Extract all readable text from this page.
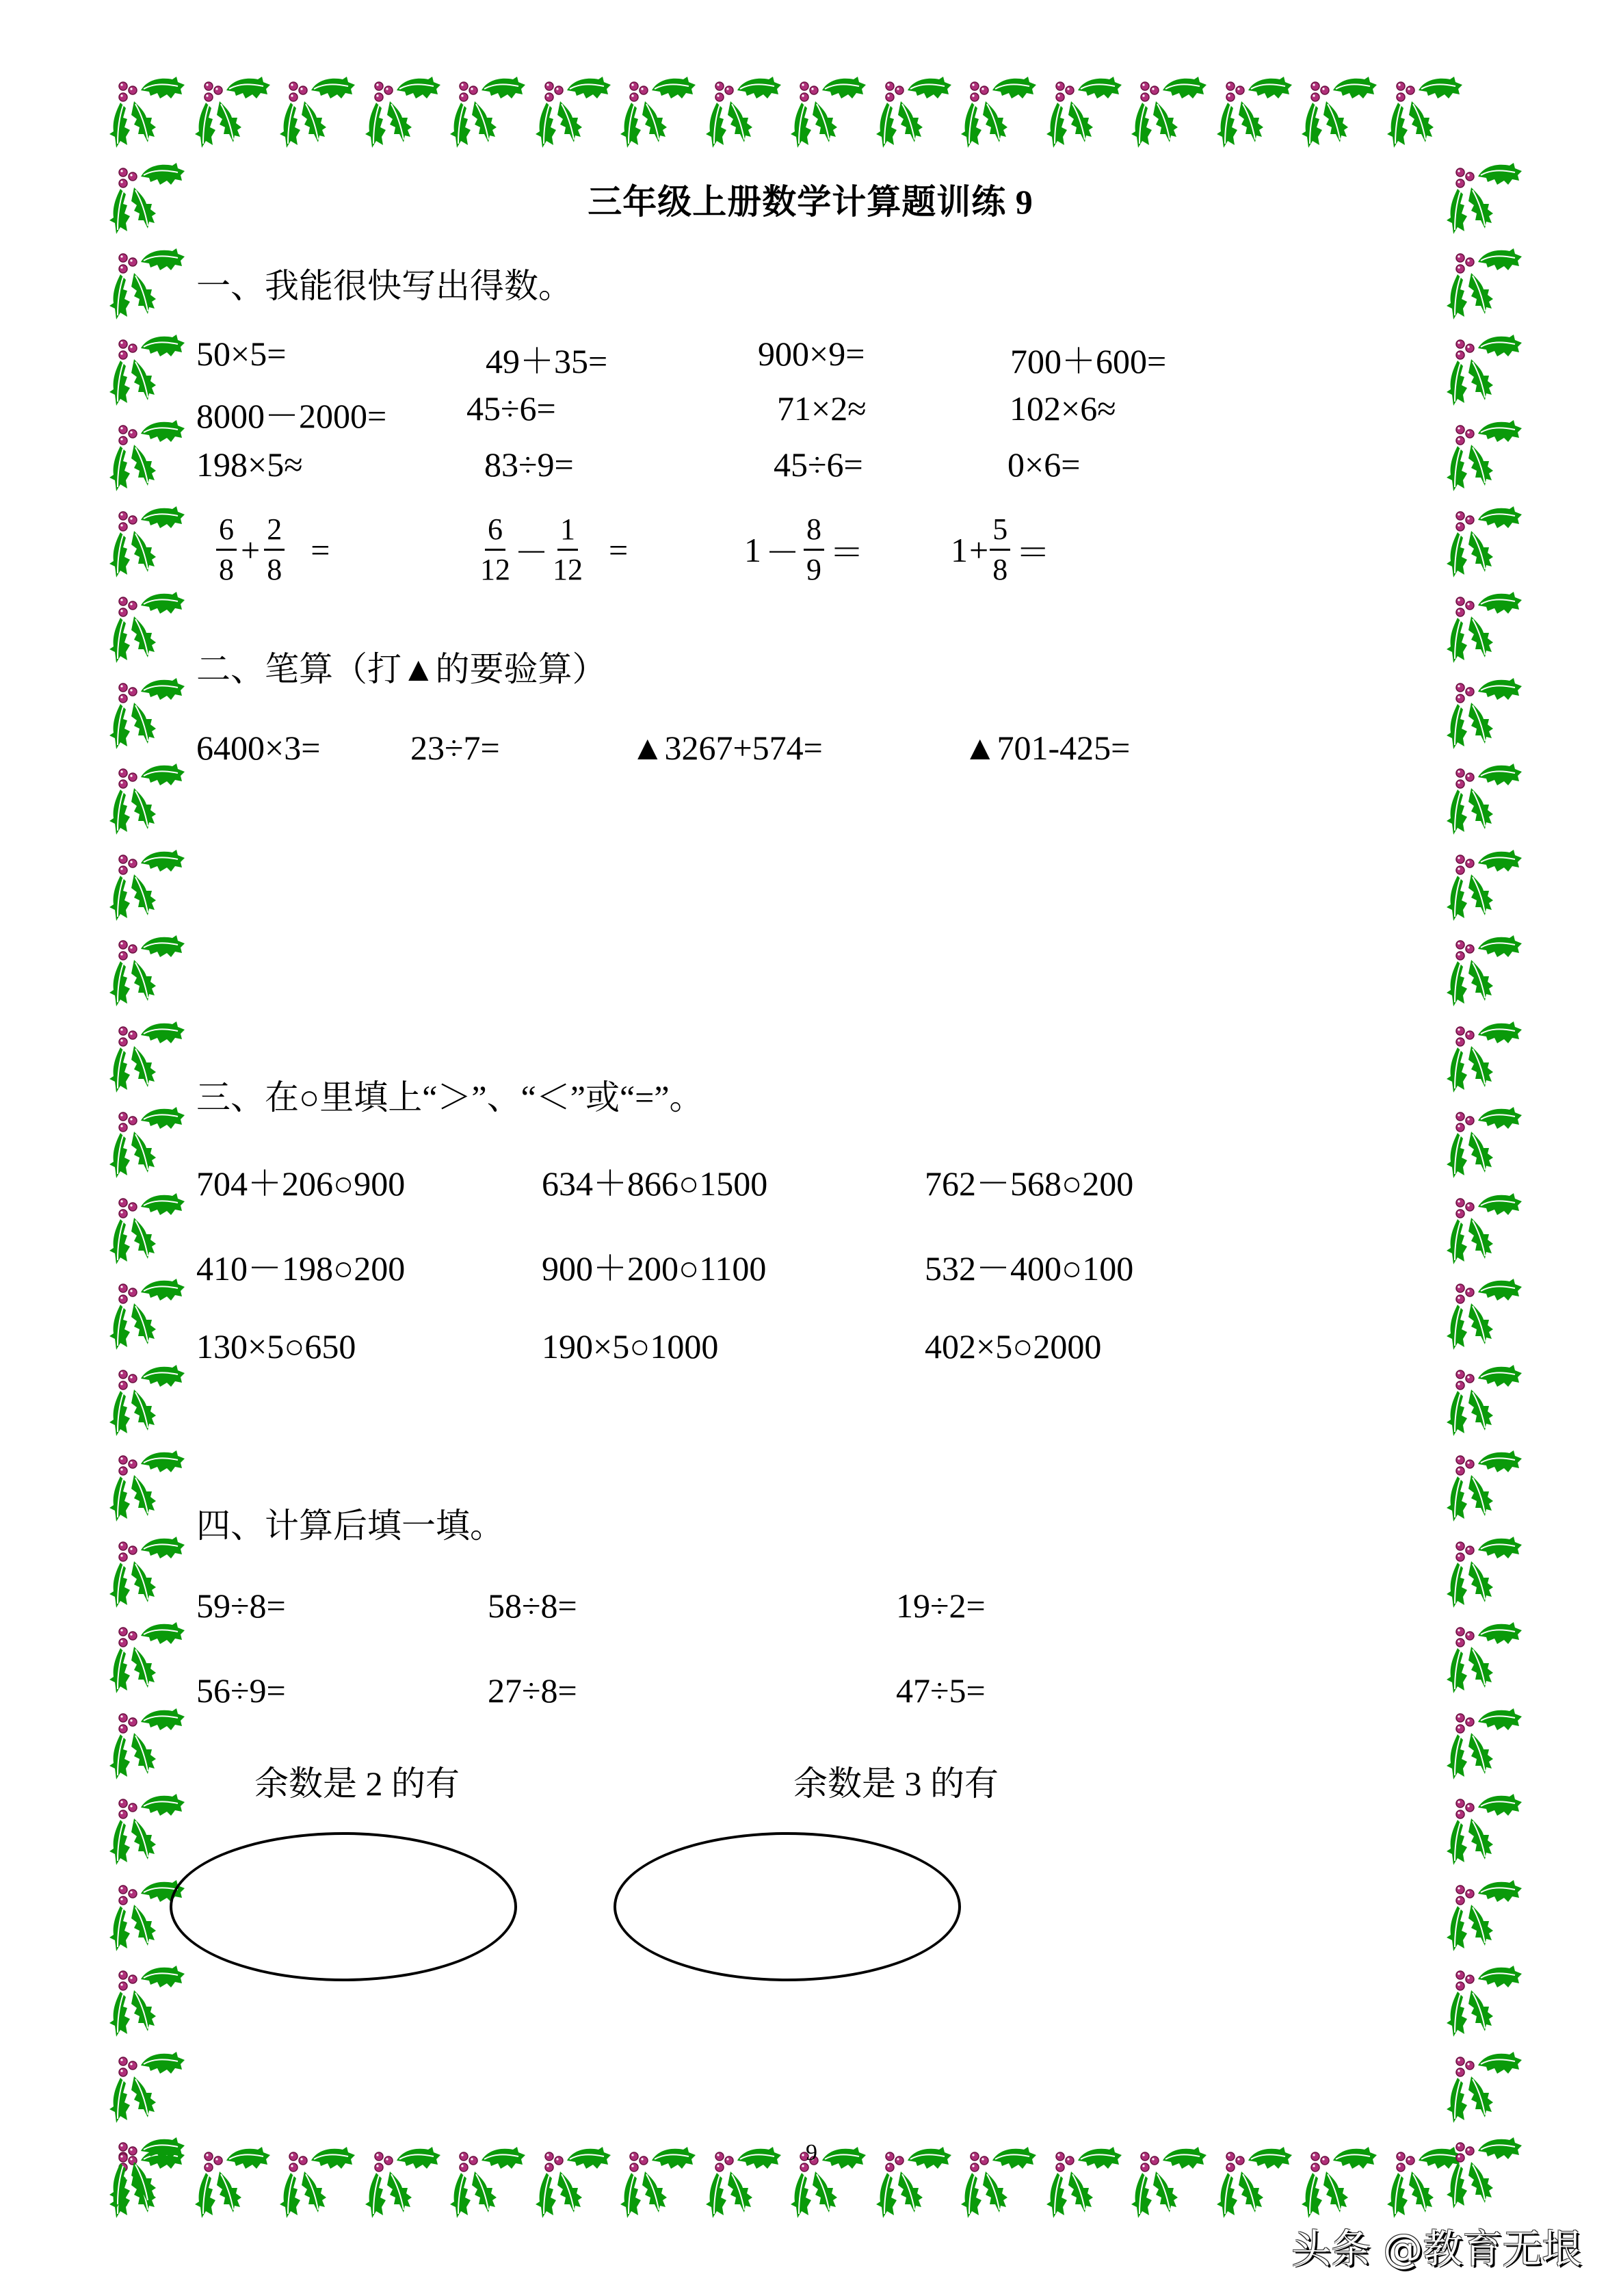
三年级上册数学计算题训练 9
一、我能很快写出得数。
50×5=	49＋35=	900×9=	700＋600=
8000－2000= 45÷6=	71×2≈	102×6≈
198×5≈	83÷9=	45÷6=	0×6=
$\frac{6}{8} + \frac{2}{8}$ =	$\frac{6}{12} - \frac{1}{12}$ =	$1 - \frac{8}{9}$ ＝	$1 + \frac{5}{8}$ ＝
二、笔算（打▲的要验算）
6400×3=	23÷7=	▲3267+574=	▲701-425=
三、在○里填上“＞”、“＜”或“=”。
704＋206○900	634＋866○1500	762－568○200
410－198○200	900＋200○1100	532－400○100
130×5○650	190×5○1000	402×5○2000
四、计算后填一填。
59÷8=	58÷8=	19÷2=
56÷9=	27÷8=	47÷5=
余数是 2 的有	余数是 3 的有
9
头条 @教育无垠
